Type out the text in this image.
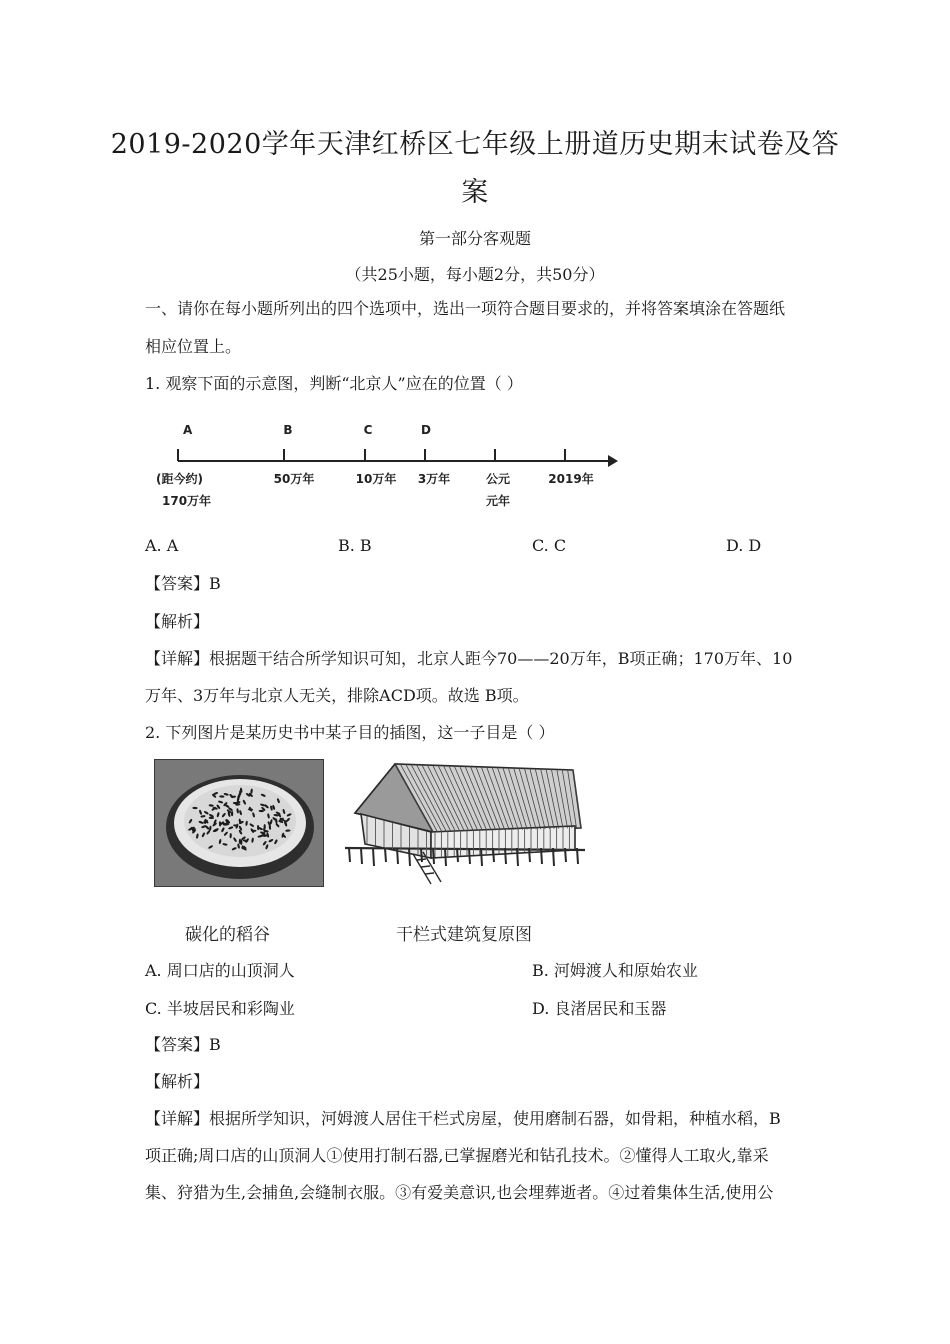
2019-2020学年天津红桥区七年级上册道历史期末试卷及答
案
第一部分客观题
（共25小题，每小题2分，共50分）
一、请你在每小题所列出的四个选项中，选出一项符合题目要求的，并将答案填涂在答题纸
相应位置上。
1. 观察下面的示意图，判断“北京人”应在的位置（ ）
A	B	C	D
(距今约)	50万年	10万年 3万年	公元	2019年
170万年	元年
A. A	B. B	C. C	D. D
【答案】B
【解析】
【详解】根据题干结合所学知识可知，北京人距今70——20万年，B项正确；170万年、10
万年、3万年与北京人无关，排除ACD项。故选 B项。
2. 下列图片是某历史书中某子目的插图，这一子目是（ ）
碳化的稻谷	干栏式建筑复原图
A. 周口店的山顶洞人	B. 河姆渡人和原始农业
C. 半坡居民和彩陶业	D. 良渚居民和玉器
【答案】B
【解析】
【详解】根据所学知识，河姆渡人居住干栏式房屋，使用磨制石器，如骨耜，种植水稻，B
项正确;周口店的山顶洞人①使用打制石器,已掌握磨光和钻孔技术。②懂得人工取火,靠采
集、狩猎为生,会捕鱼,会缝制衣服。③有爱美意识,也会埋葬逝者。④过着集体生活,使用公
